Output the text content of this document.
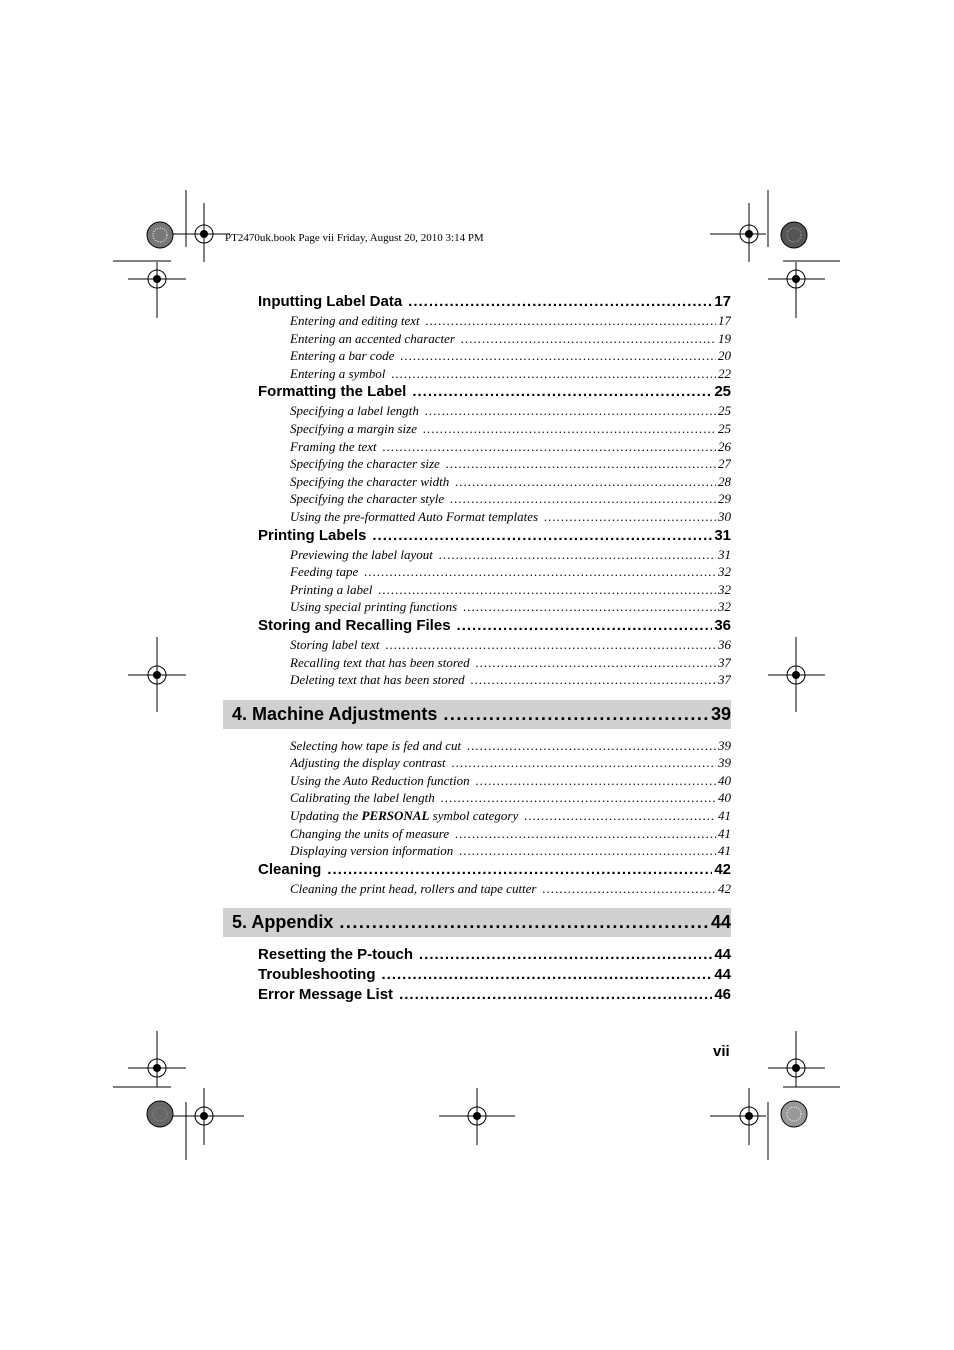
PT2470uk.book Page vii Friday, August 20, 2010 3:14 PM
Inputting Label Data .....	17
Entering and editing text .....	17
Entering an accented character .....	19
Entering a bar code .....	20
Entering a symbol .....	22
Formatting the Label .....	25
Specifying a label length .....	25
Specifying a margin size .....	25
Framing the text .....	26
Specifying the character size .....	27
Specifying the character width .....	28
Specifying the character style .....	29
Using the pre-formatted Auto Format templates .....	30
Printing Labels .....	31
Previewing the label layout .....	31
Feeding tape .....	32
Printing a label .....	32
Using special printing functions .....	32
Storing and Recalling Files .....	36
Storing label text .....	36
Recalling text that has been stored .....	37
Deleting text that has been stored .....	37
4. Machine Adjustments .....	39
Selecting how tape is fed and cut .....	39
Adjusting the display contrast .....	39
Using the Auto Reduction function .....	40
Calibrating the label length .....	40
Updating the PERSONAL symbol category .....	41
Changing the units of measure .....	41
Displaying version information .....	41
Cleaning .....	42
Cleaning the print head, rollers and tape cutter .....	42
5. Appendix .....	44
Resetting the P-touch .....	44
Troubleshooting .....	44
Error Message List .....	46
vii
